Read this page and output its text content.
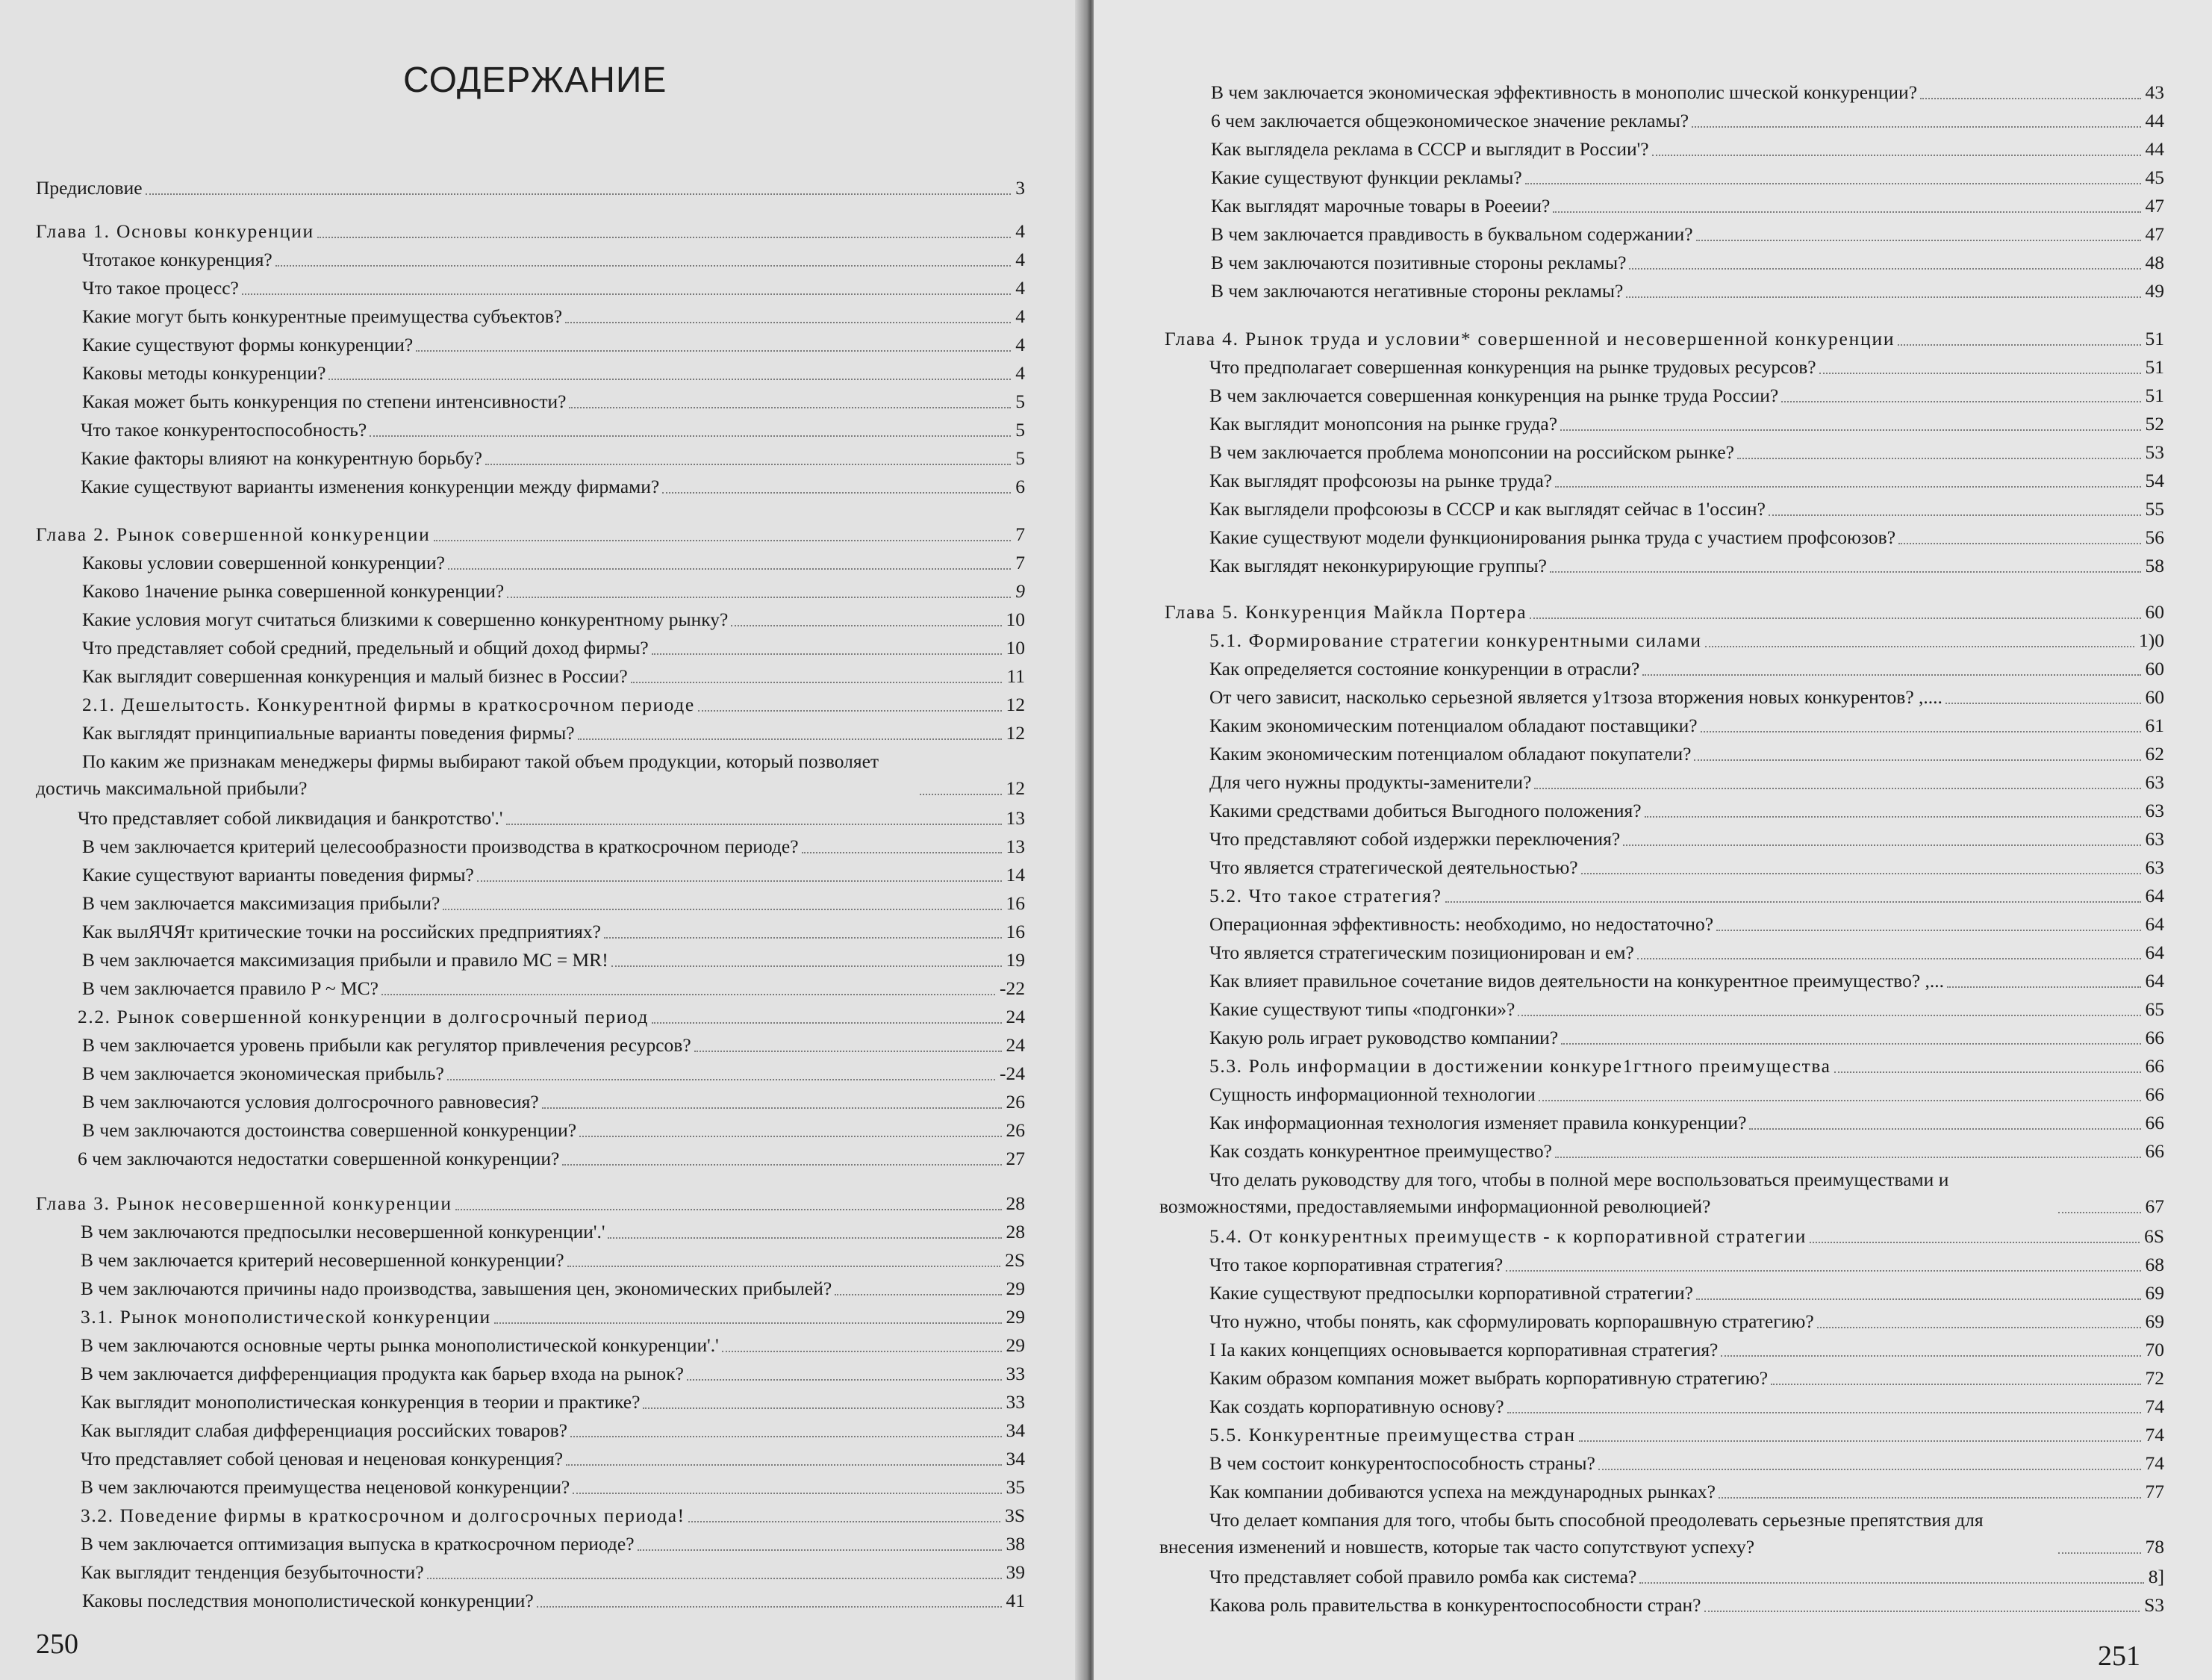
СОДЕРЖАНИЕ
Предисловие	3
Глава 1. Основы конкуренции	4
Чтотакое конкуренция?	4
Что такое процесс?	4
Какие могут быть конкурентные преимущества субъектов?	4
Какие существуют формы конкуренции?	4
Каковы методы конкуренции?	4
Какая может быть конкуренция по степени интенсивности?	5
Что такое конкурентоспособность?	5
Какие факторы влияют на конкурентную борьбу?	5
Какие существуют варианты изменения конкуренции между фирмами?	6
Глава 2. Рынок совершенной конкуренции	7
Каковы условии совершенной конкуренции?	7
Каково 1начение рынка совершенной конкуренции?	9
Какие условия могут считаться близкими к совершенно конкурентному рынку?	10
Что представляет собой средний, предельный и общий доход фирмы?	10
Как выглядит совершенная конкуренция и малый бизнес в России?	11
2.1. Дешелытость. Конкурентной фирмы в краткосрочном периоде	12
Как выглядят принципиальные варианты поведения фирмы?	12
По каким же признакам менеджеры фирмы выбирают такой объем продукции, который позволяет достичь максимальной прибыли?	12
Что представляет собой ликвидация и банкротство'.'	13
В чем заключается критерий целесообразности производства в краткосрочном периоде?	13
Какие существуют варианты поведения фирмы?	14
В чем заключается максимизация прибыли?	16
Как вылЯЧЯт критические точки на российских предприятиях?	16
В чем заключается максимизация прибыли и правило MC = MR!	19
В чем заключается правило P ~ MC?	-22
2.2. Рынок совершенной конкуренции в долгосрочный период	24
В чем заключается уровень прибыли как регулятор привлечения ресурсов?	24
В чем заключается экономическая прибыль?	-24
В чем заключаются условия долгосрочного равновесия?	26
В чем заключаются достоинства совершенной конкуренции?	26
6 чем заключаются недостатки совершенной конкуренции?	27
Глава 3. Рынок несовершенной конкуренции	28
В чем заключаются предпосылки несовершенной конкуренции'.'	28
В чем заключается критерий несовершенной конкуренции?	2S
В чем заключаются причины надо производства, завышения цен, экономических прибылей?	29
3.1. Рынок монополистической конкуренции	29
В чем заключаются основные черты рынка монополистической конкуренции'.'	29
В чем заключается дифференциация продукта как барьер входа на рынок?	33
Как выглядит монополистическая конкуренция в теории и практике?	33
Как выглядит слабая дифференциация российских товаров?	34
Что представляет собой ценовая и неценовая конкуренция?	34
В чем заключаются преимущества неценовой конкуренции?	35
3.2. Поведение фирмы в краткосрочном и долгосрочных периода!	3S
В чем заключается оптимизация выпуска в краткосрочном периоде?	38
Как выглядит тенденция безубыточности?	39
Каковы последствия монополистической конкуренции?	41
250
В чем заключается экономическая эффективность в монополис шческой конкуренции?	43
6 чем заключается общеэкономическое значение рекламы?	44
Как выглядела реклама в СССР и выглядит в России'?	44
Какие существуют функции рекламы?	45
Как выглядят марочные товары в Роееии?	47
В чем заключается правдивость в буквальном содержании?	47
В чем заключаются позитивные стороны рекламы?	48
В чем заключаются негативные стороны рекламы?	49
Глава 4. Рынок труда и условии* совершенной и несовершенной конкуренции	51
Что предполагает совершенная конкуренция на рынке трудовых ресурсов?	51
В чем заключается совершенная конкуренция на рынке труда России?	51
Как выглядит монопсония на рынке груда?	52
В чем заключается проблема монопсонии на российском рынке?	53
Как выглядят профсоюзы на рынке труда?	54
Как выглядели профсоюзы в СССР и как выглядят сейчас в 1'оссин?	55
Какие существуют модели функционирования рынка труда с участием профсоюзов?	56
Как выглядят неконкурирующие группы?	58
Глава 5. Конкуренция Майкла Портера	60
5.1. Формирование стратегии конкурентными силами	1)0
Как определяется состояние конкуренции в отрасли?	60
От чего зависит, насколько серьезной является у1тзоза вторжения новых конкурентов? ,....	60
Каким экономическим потенциалом обладают поставщики?	61
Каким экономическим потенциалом обладают покупатели?	62
Для чего нужны продукты-заменители?	63
Какими средствами добиться Выгодного положения?	63
Что представляют собой издержки переключения?	63
Что является стратегической деятельностью?	63
5.2. Что такое стратегия?	64
Операционная эффективность: необходимо, но недостаточно?	64
Что является стратегическим позиционирован и ем?	64
Как влияет правильное сочетание видов деятельности на конкурентное преимущество? ,...	64
Какие существуют типы «подгонки»?	65
Какую роль играет руководство компании?	66
5.3. Роль информации в достижении конкуре1гтного преимущества	66
Сущность информационной технологии	66
Как информационная технология изменяет правила конкуренции?	66
Как создать конкурентное преимущество?	66
Что делать руководству для того, чтобы в полной мере воспользоваться преимуществами и возможностями, предоставляемыми информационной революцией?	67
5.4. От конкурентных преимуществ - к корпоративной стратегии	6S
Что такое корпоративная стратегия?	68
Какие существуют предпосылки корпоративной стратегии?	69
Что нужно, чтобы понять, как сформулировать корпорашвную стратегию?	69
I Ia каких концепциях основывается корпоративная стратегия?	70
Каким образом компания может выбрать корпоративную стратегию?	72
Как создать корпоративную основу?	74
5.5. Конкурентные преимущества стран	74
В чем состоит конкурентоспособность страны?	74
Как компании добиваются успеха на международных рынках?	77
Что делает компания для того, чтобы быть способной преодолевать серьезные препятствия для внесения изменений и новшеств, которые так часто сопутствуют успеху?	78
Что представляет собой правило ромба как система?	8]
Какова роль правительства в конкурентоспособности стран?	S3
251
